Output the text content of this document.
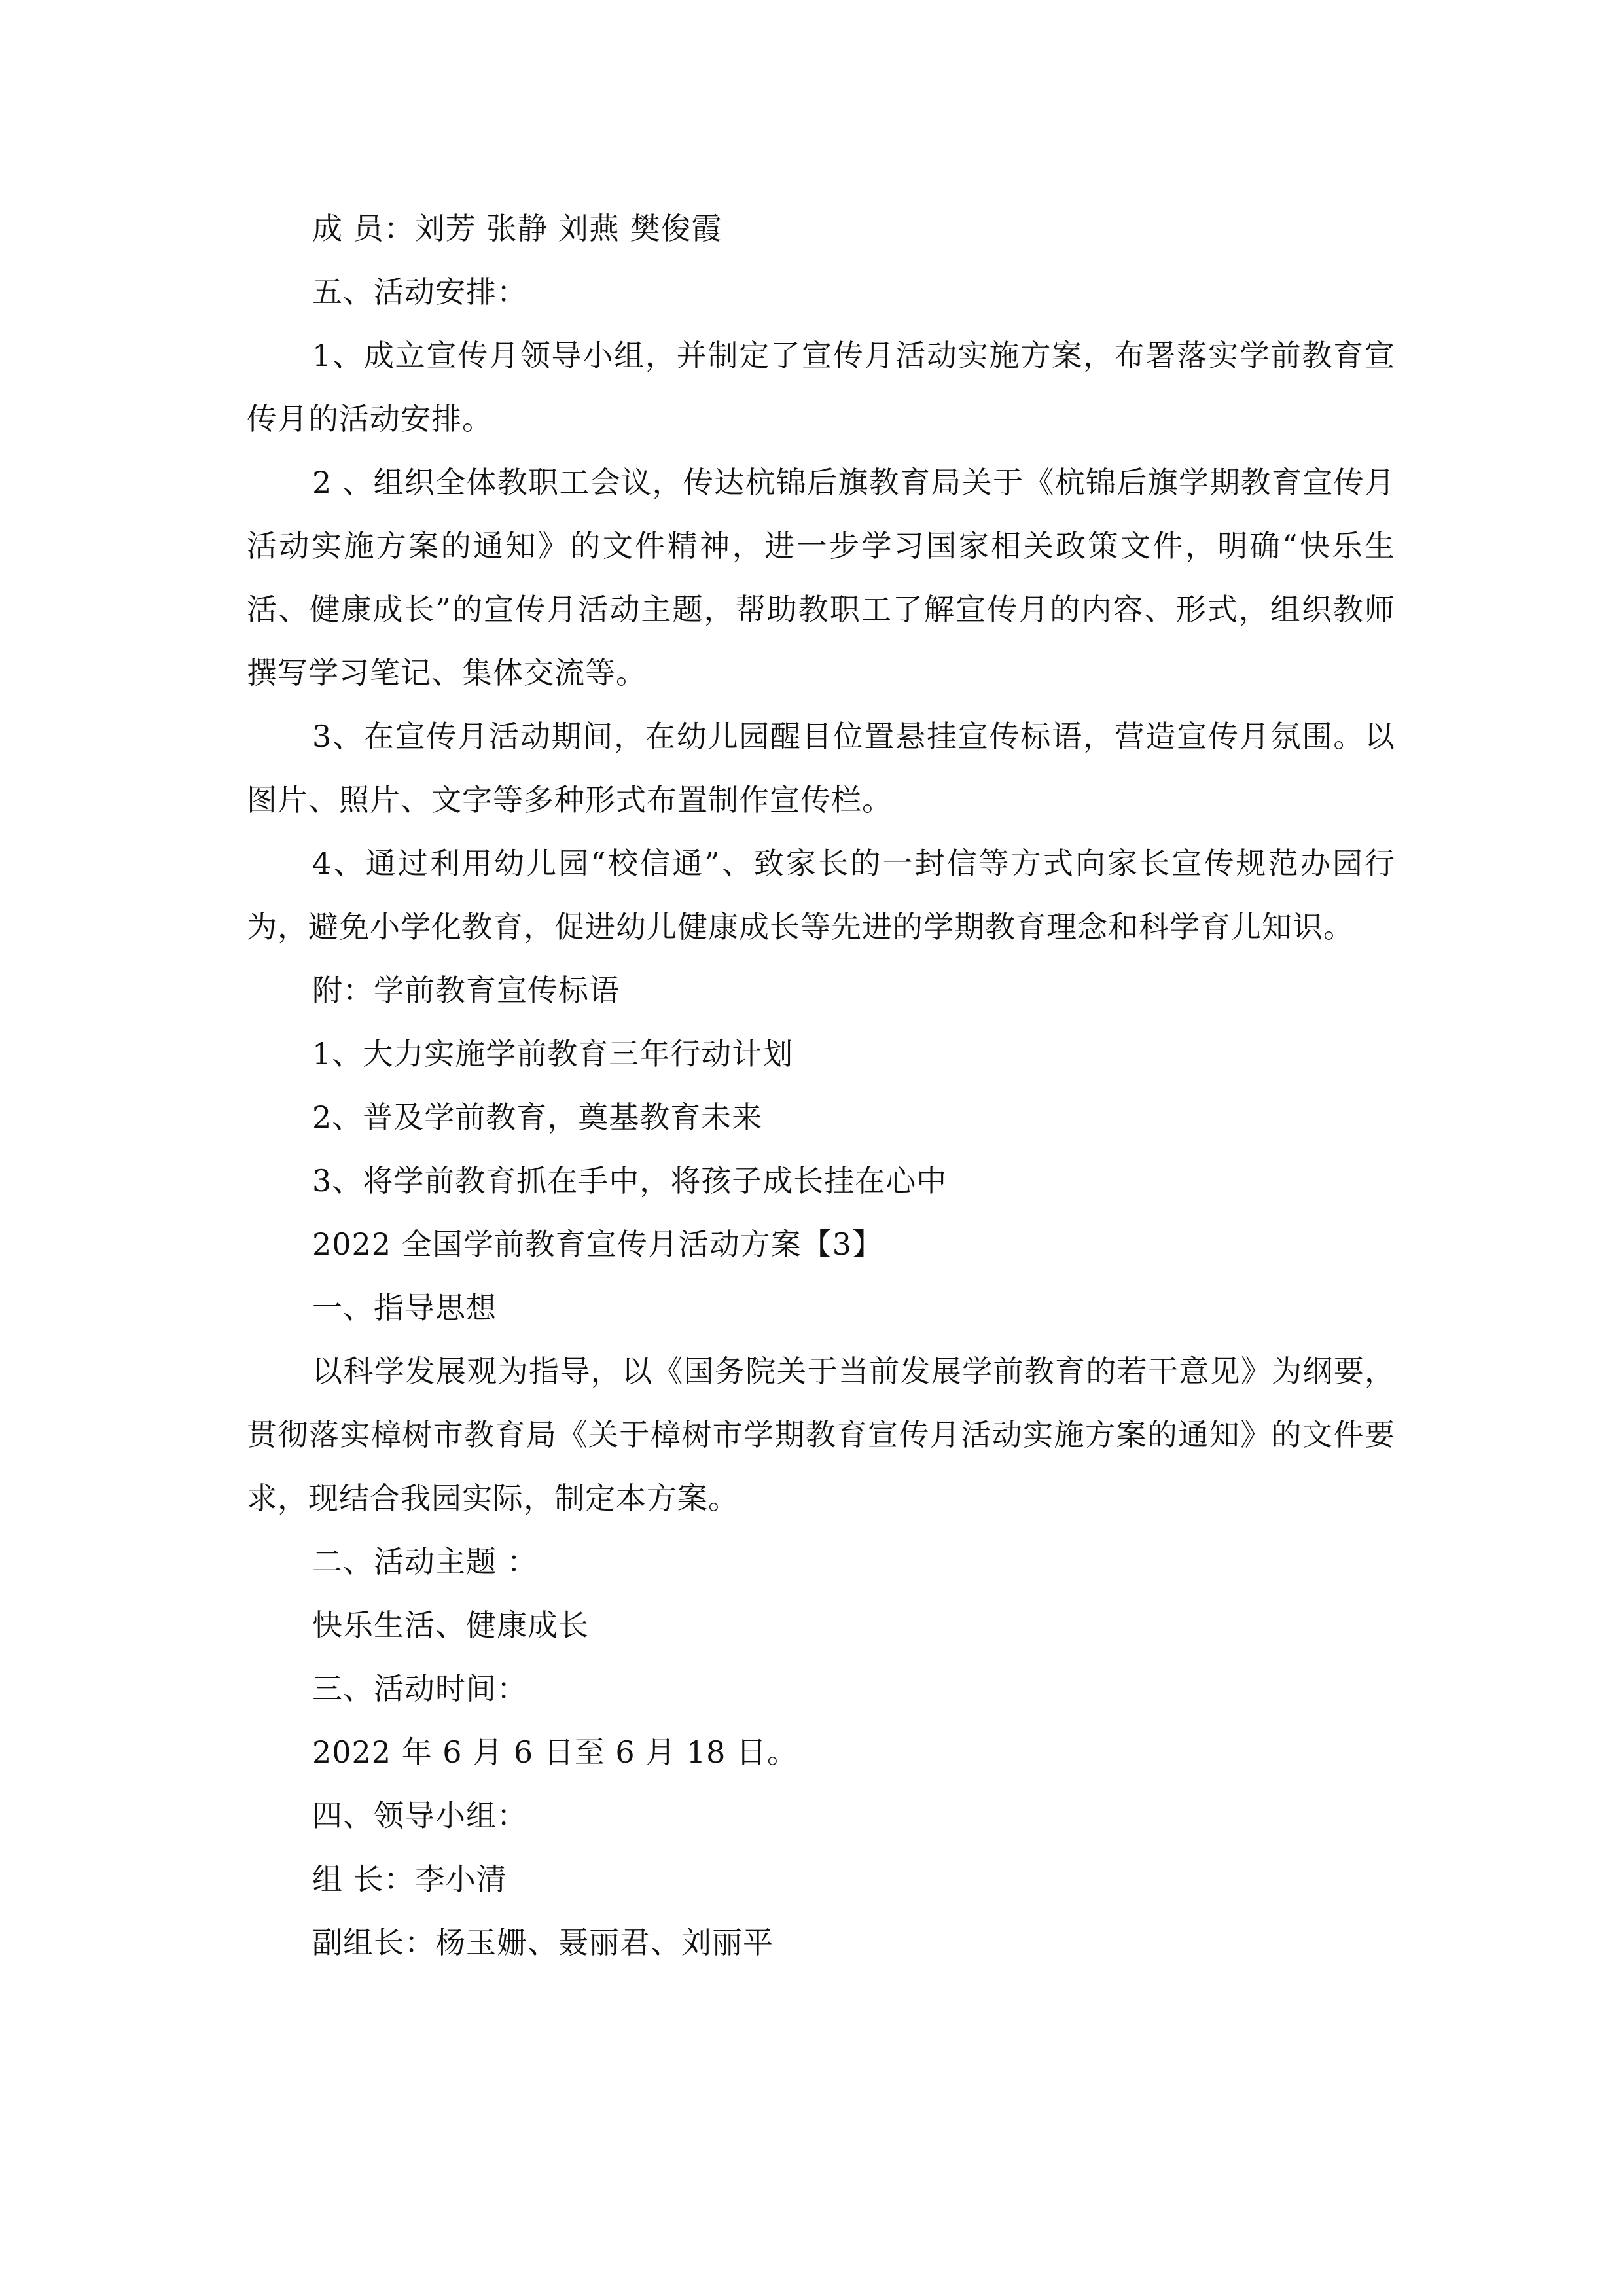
成 员：刘芳 张静 刘燕 樊俊霞

五、活动安排：

1、成立宣传月领导小组，并制定了宣传月活动实施方案，布署落实学前教育宣传月的活动安排。

2 、组织全体教职工会议，传达杭锦后旗教育局关于《杭锦后旗学期教育宣传月活动实施方案的通知》的文件精神，进一步学习国家相关政策文件，明确“快乐生活、健康成长”的宣传月活动主题，帮助教职工了解宣传月的内容、形式，组织教师撰写学习笔记、集体交流等。

3、在宣传月活动期间，在幼儿园醒目位置悬挂宣传标语，营造宣传月氛围。以图片、照片、文字等多种形式布置制作宣传栏。

4、通过利用幼儿园“校信通”、致家长的一封信等方式向家长宣传规范办园行为，避免小学化教育，促进幼儿健康成长等先进的学期教育理念和科学育儿知识。

附：学前教育宣传标语

1、大力实施学前教育三年行动计划

2、普及学前教育，奠基教育未来

3、将学前教育抓在手中，将孩子成长挂在心中

2022 全国学前教育宣传月活动方案【3】

一、指导思想

以科学发展观为指导，以《国务院关于当前发展学前教育的若干意见》为纲要，贯彻落实樟树市教育局《关于樟树市学期教育宣传月活动实施方案的通知》的文件要求，现结合我园实际，制定本方案。

二、活动主题 ：

快乐生活、健康成长

三、活动时间：

2022 年 6 月 6 日至 6 月 18 日。

四、领导小组：

组 长：李小清

副组长：杨玉姗、聂丽君、刘丽平
